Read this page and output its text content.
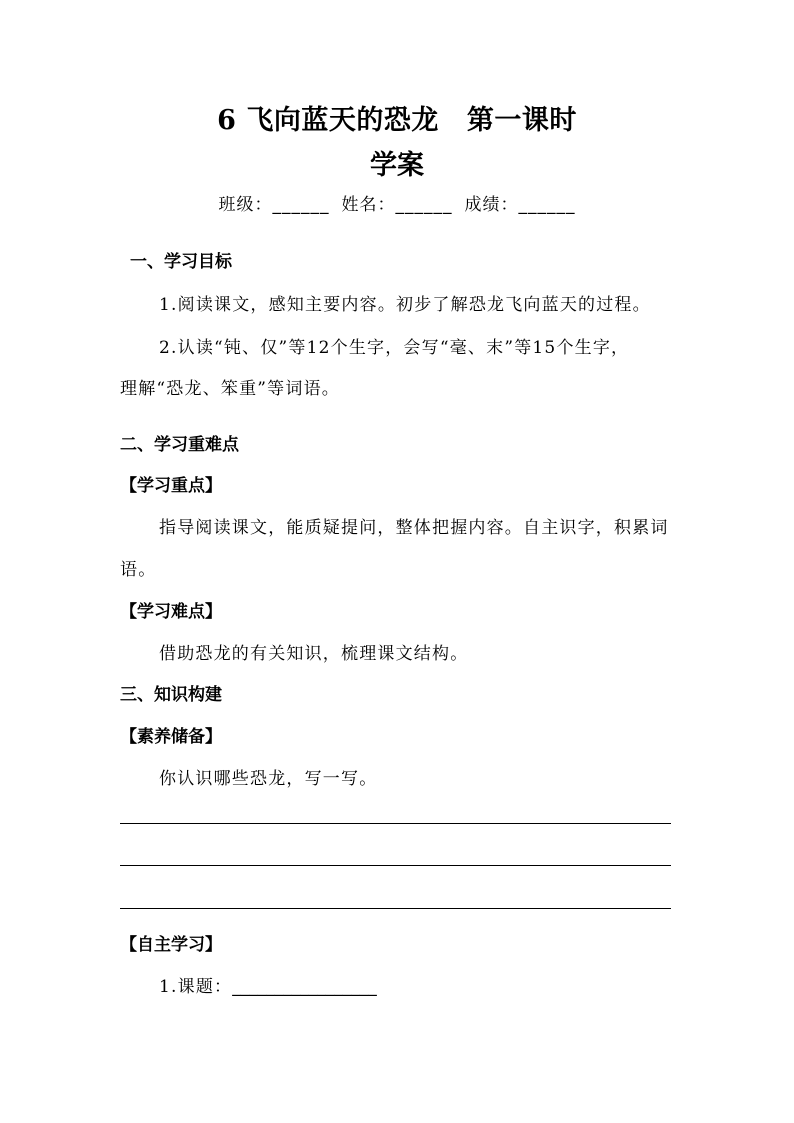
6 飞向蓝天的恐龙 第一课时
学案
班级：______ 姓名：______ 成绩：______
一、学习目标
1.阅读课文，感知主要内容。初步了解恐龙飞向蓝天的过程。
2.认读“钝、仅”等12个生字，会写“毫、末”等15个生字，
理解“恐龙、笨重”等词语。
二、学习重难点
【学习重点】
指导阅读课文，能质疑提问，整体把握内容。自主识字，积累词
语。
【学习难点】
借助恐龙的有关知识，梳理课文结构。
三、知识构建
【素养储备】
你认识哪些恐龙，写一写。
【自主学习】
1.课题：_________________
